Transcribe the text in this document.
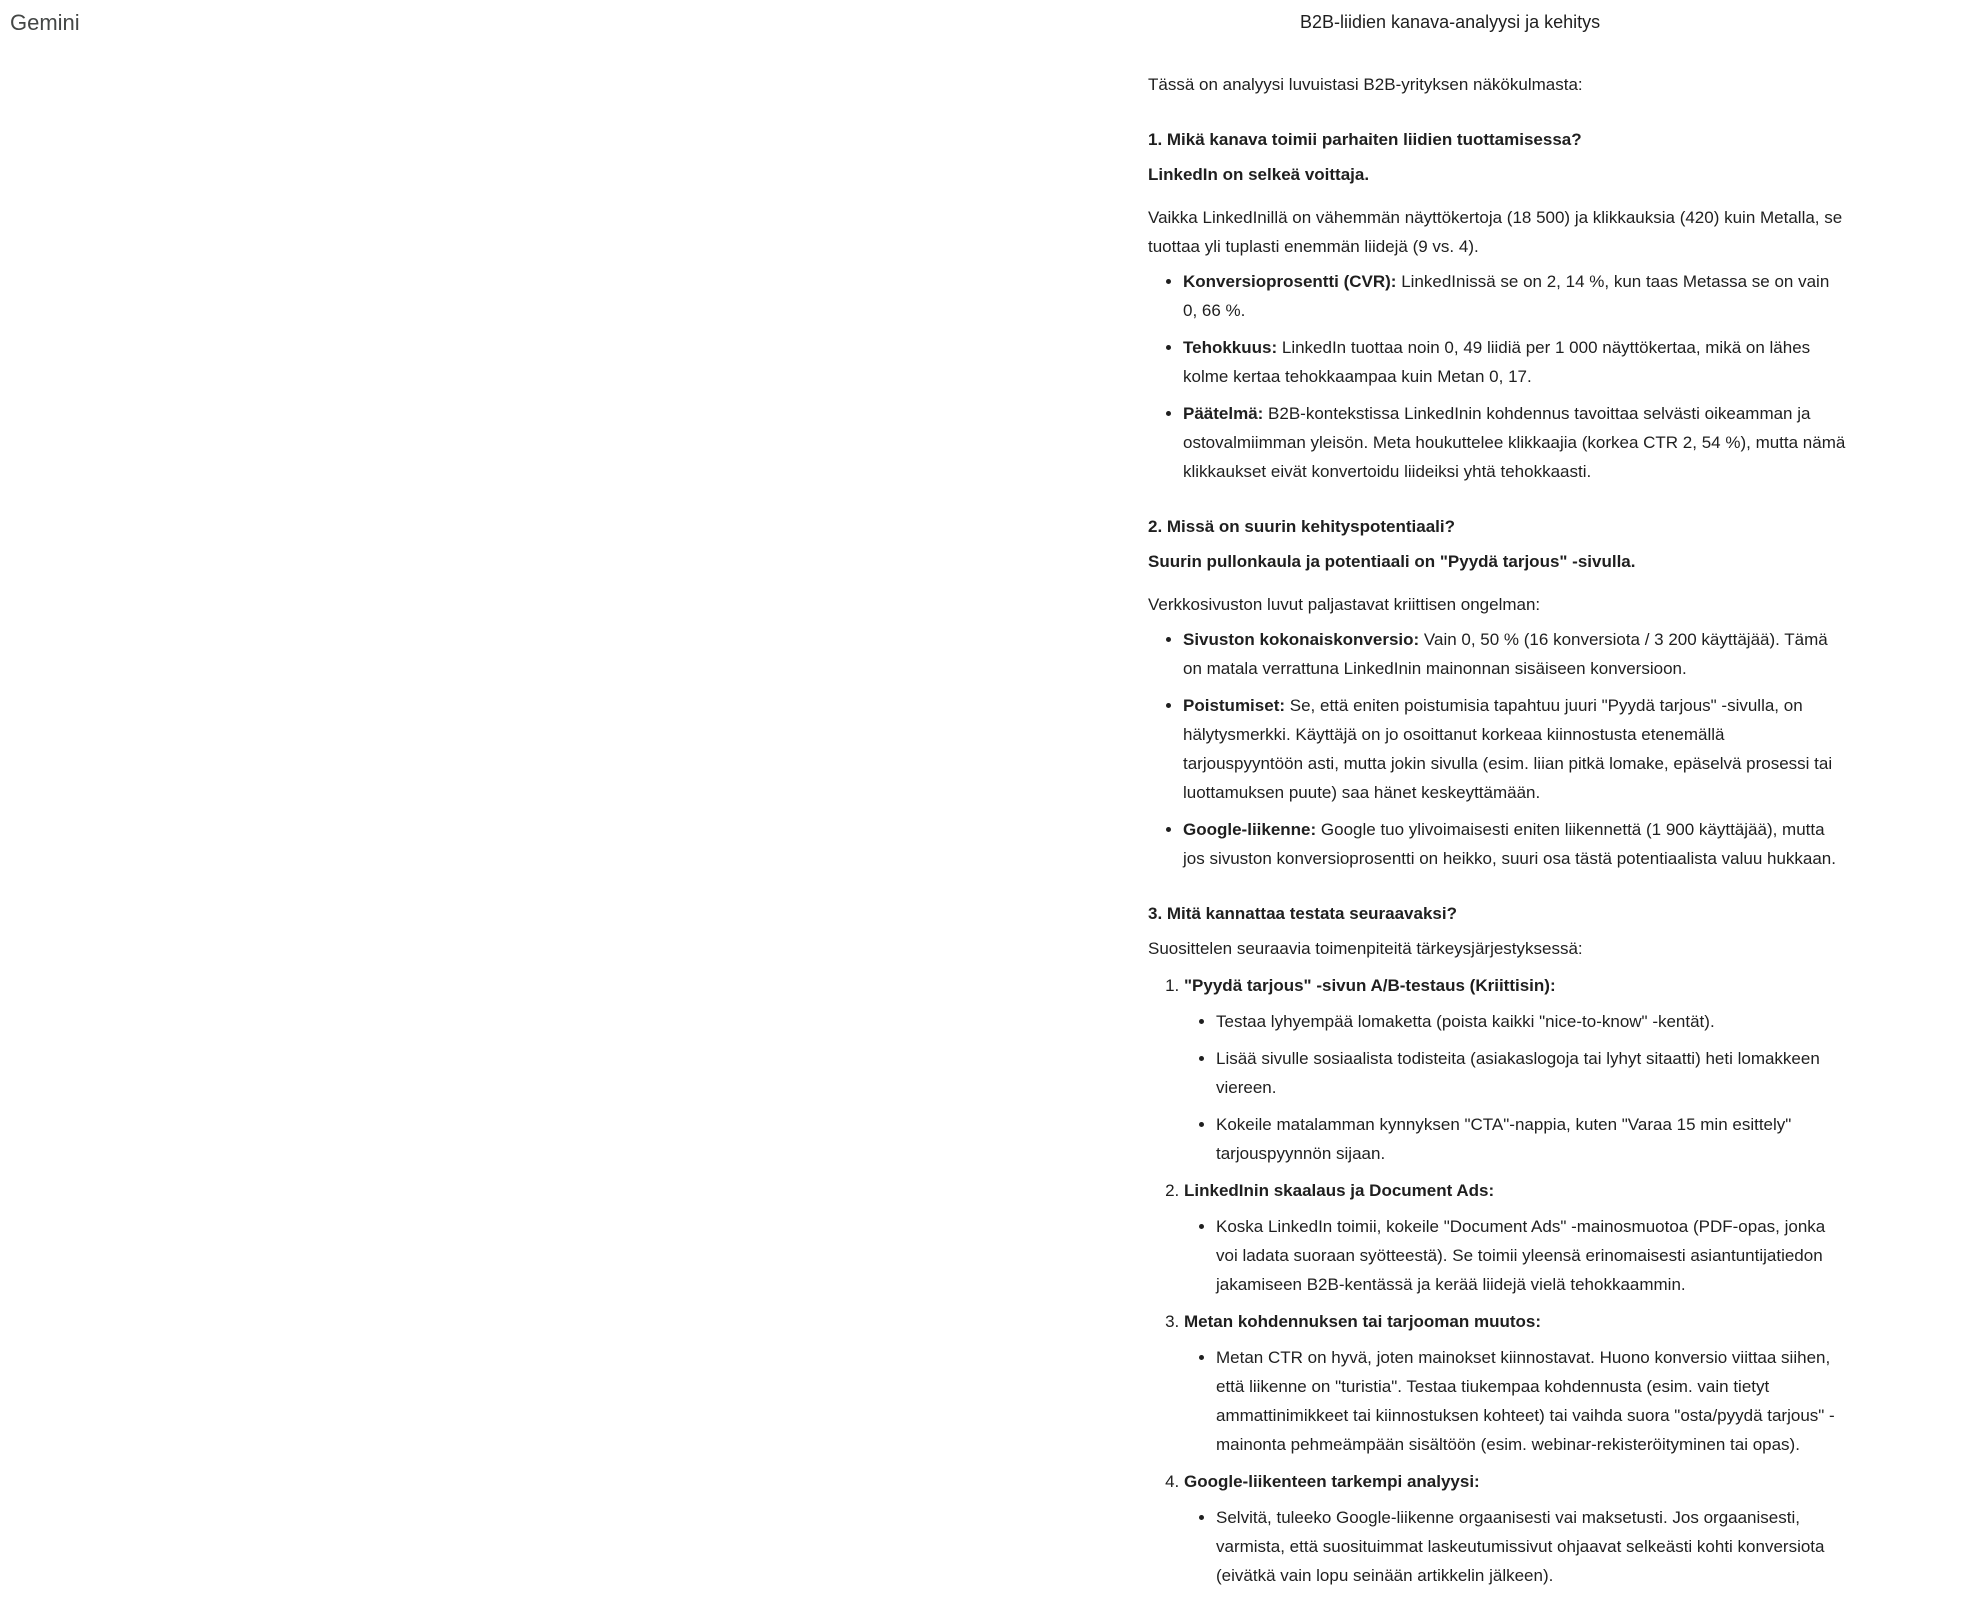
Gemini	B2B-liidien kanava-analyysi ja kehitys

Tässä on analyysi luvuistasi B2B-yrityksen näkökulmasta:

1. Mikä kanava toimii parhaiten liidien tuottamisessa?

LinkedIn on selkeä voittaja.

Vaikka LinkedInillä on vähemmän näyttökertoja (18 500) ja klikkauksia (420) kuin Metalla, se tuottaa yli tuplasti enemmän liidejä (9 vs. 4).

• Konversioprosentti (CVR): LinkedInissä se on 2, 14 %, kun taas Metassa se on vain 0, 66 %.
• Tehokkuus: LinkedIn tuottaa noin 0, 49 liidiä per 1 000 näyttökertaa, mikä on lähes kolme kertaa tehokkaampaa kuin Metan 0, 17.
• Päätelmä: B2B-kontekstissa LinkedInin kohdennus tavoittaa selvästi oikeamman ja ostovalmiimman yleisön. Meta houkuttelee klikkaajia (korkea CTR 2, 54 %), mutta nämä klikkaukset eivät konvertoidu liideiksi yhtä tehokkaasti.

2. Missä on suurin kehityspotentiaali?

Suurin pullonkaula ja potentiaali on "Pyydä tarjous" -sivulla.

Verkkosivuston luvut paljastavat kriittisen ongelman:

• Sivuston kokonaiskonversio: Vain 0, 50 % (16 konversiota / 3 200 käyttäjää). Tämä on matala verrattuna LinkedInin mainonnan sisäiseen konversioon.
• Poistumiset: Se, että eniten poistumisia tapahtuu juuri "Pyydä tarjous" -sivulla, on hälytysmerkki. Käyttäjä on jo osoittanut korkeaa kiinnostusta etenemällä tarjouspyyntöön asti, mutta jokin sivulla (esim. liian pitkä lomake, epäselvä prosessi tai luottamuksen puute) saa hänet keskeyttämään.
• Google-liikenne: Google tuo ylivoimaisesti eniten liikennettä (1 900 käyttäjää), mutta jos sivuston konversioprosentti on heikko, suuri osa tästä potentiaalista valuu hukkaan.

3. Mitä kannattaa testata seuraavaksi?

Suosittelen seuraavia toimenpiteitä tärkeysjärjestyksessä:

1. "Pyydä tarjous" -sivun A/B-testaus (Kriittisin):
• Testaa lyhyempää lomaketta (poista kaikki "nice-to-know" -kentät).
• Lisää sivulle sosiaalista todisteita (asiakaslogoja tai lyhyt sitaatti) heti lomakkeen viereen.
• Kokeile matalamman kynnyksen "CTA"-nappia, kuten "Varaa 15 min esittely" tarjouspyynnön sijaan.
2. LinkedInin skaalaus ja Document Ads:
• Koska LinkedIn toimii, kokeile "Document Ads" -mainosmuotoa (PDF-opas, jonka voi ladata suoraan syötteestä). Se toimii yleensä erinomaisesti asiantuntijatiedon jakamiseen B2B-kentässä ja kerää liidejä vielä tehokkaammin.
3. Metan kohdennuksen tai tarjooman muutos:
• Metan CTR on hyvä, joten mainokset kiinnostavat. Huono konversio viittaa siihen, että liikenne on "turistia". Testaa tiukempaa kohdennusta (esim. vain tietyt ammattinimikkeet tai kiinnostuksen kohteet) tai vaihda suora "osta/pyydä tarjous" -mainonta pehmeämpään sisältöön (esim. webinar-rekisteröityminen tai opas).
4. Google-liikenteen tarkempi analyysi:
• Selvitä, tuleeko Google-liikenne orgaanisesti vai maksetusti. Jos orgaanisesti, varmista, että suosituimmat laskeutumissivut ohjaavat selkeästi kohti konversiota (eivätkä vain lopu seinään artikkelin jälkeen).
